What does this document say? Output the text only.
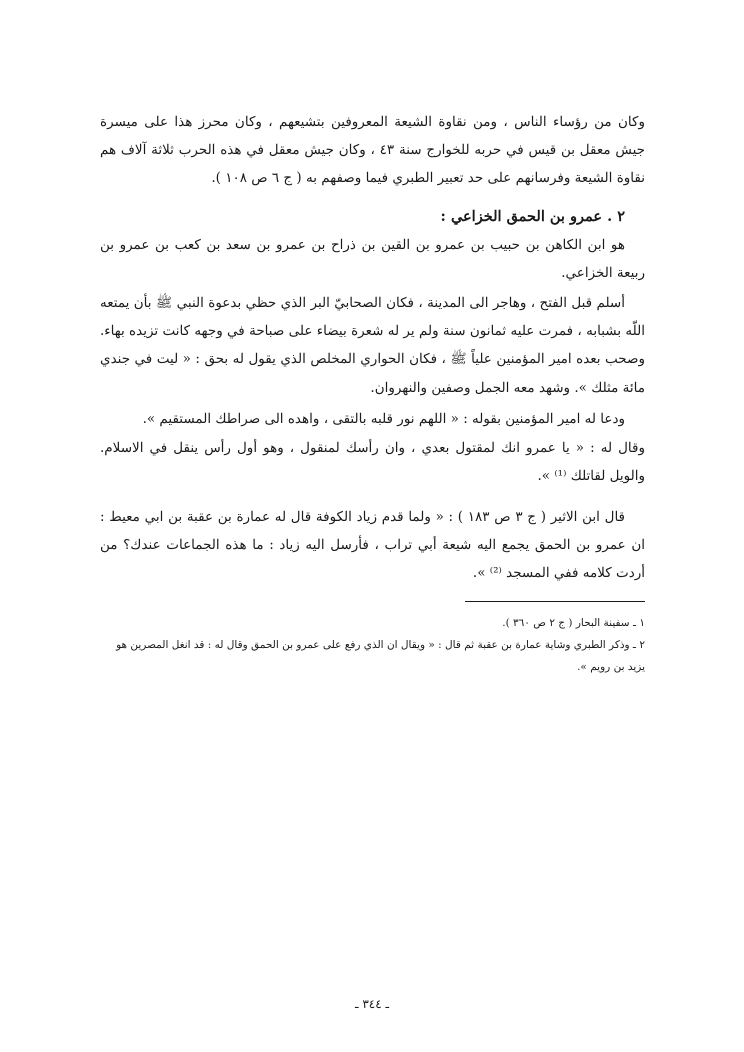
وكان من رؤساء الناس ، ومن نقاوة الشيعة المعروفين بتشيعهم ، وكان محرز هذا على ميسرة جيش معقل بن قيس في حربه للخوارج سنة ٤٣ ، وكان جيش معقل في هذه الحرب ثلاثة آلاف هم نقاوة الشيعة وفرسانهم على حد تعبير الطبري فيما وصفهم به ( ج ٦ ص ١٠٨ ).

٢ . عمرو بن الحمق الخزاعي :

هو ابن الكاهن بن حبيب بن عمرو بن القين بن ذراح بن عمرو بن سعد بن كعب بن عمرو بن ربيعة الخزاعي.

أسلم قبل الفتح ، وهاجر الى المدينة ، فكان الصحابيّ البر الذي حظي بدعوة النبي ﷺ بأن يمتعه اللّه بشبابه ، فمرت عليه ثمانون سنة ولم ير له شعرة بيضاء على صباحة في وجهه كانت تزيده بهاء. وصحب بعده امير المؤمنين علياً ﷺ ، فكان الحواري المخلص الذي يقول له بحق : « ليت في جندي مائة مثلك ». وشهد معه الجمل وصفين والنهروان.

ودعا له امير المؤمنين بقوله : « اللهم نور قلبه بالتقى ، واهده الى صراطك المستقيم ».

وقال له : « يا عمرو انك لمقتول بعدي ، وان رأسك لمنقول ، وهو أول رأس ينقل في الاسلام. والويل لقاتلك ⁽¹⁾ ».

قال ابن الاثير ( ج ٣ ص ١٨٣ ) : « ولما قدم زياد الكوفة قال له عمارة بن عقبة بن ابي معيط : ان عمرو بن الحمق يجمع اليه شيعة أبي تراب ، فأرسل اليه زياد : ما هذه الجماعات عندك؟ من أردت كلامه ففي المسجد ⁽²⁾ ».

١ ـ سفينة البحار ( ج ٢ ص ٣٦٠ ).

٢ ـ وذكر الطبري وشاية عمارة بن عقبة ثم قال : « ويقال ان الذي رفع على عمرو بن الحمق وقال له : قد انغل المصرين هو يزيد بن رويم ».

ـ ٣٤٤ ـ
